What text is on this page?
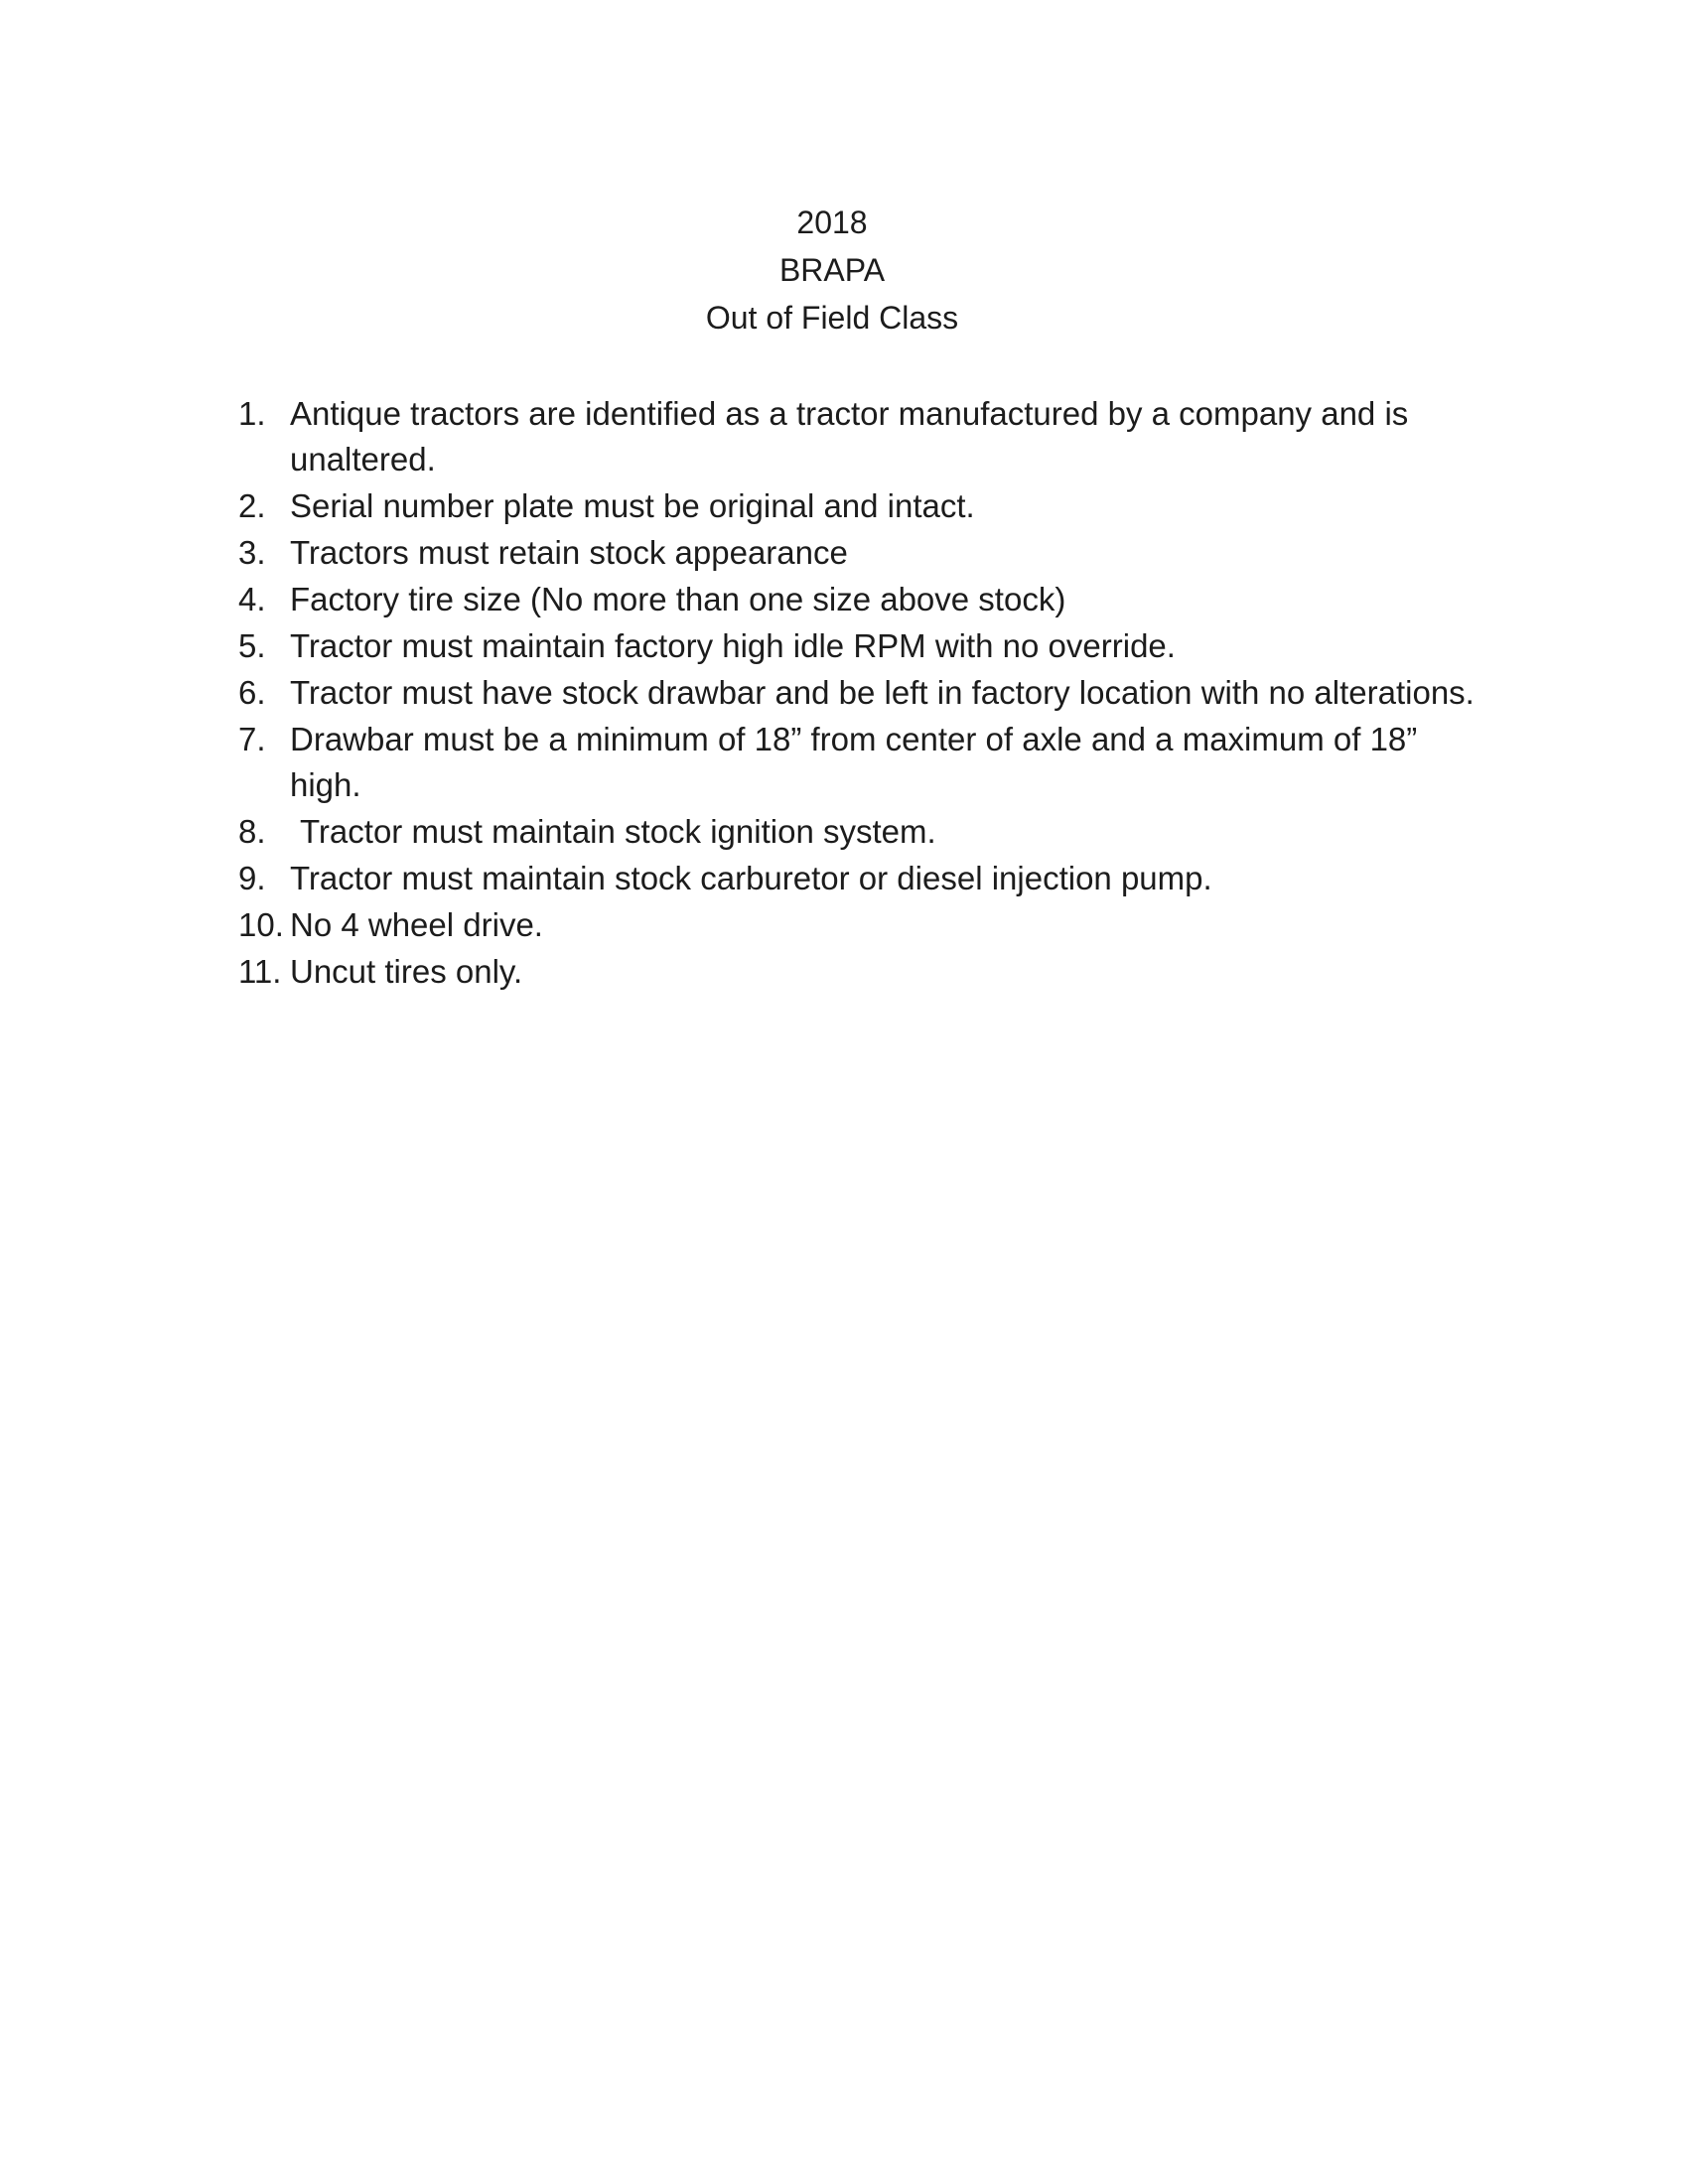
2018
BRAPA
Out of Field Class
1. Antique tractors are identified as a tractor manufactured by a company and is unaltered.
2. Serial number plate must be original and intact.
3. Tractors must retain stock appearance
4. Factory tire size (No more than one size above stock)
5. Tractor must maintain factory high idle RPM with no override.
6. Tractor must have stock drawbar and be left in factory location with no alterations.
7. Drawbar must be a minimum of 18” from center of axle and a maximum of 18” high.
8.	Tractor must maintain stock ignition system.
9. Tractor must maintain stock carburetor or diesel injection pump.
10. No 4 wheel drive.
11. Uncut tires only.
